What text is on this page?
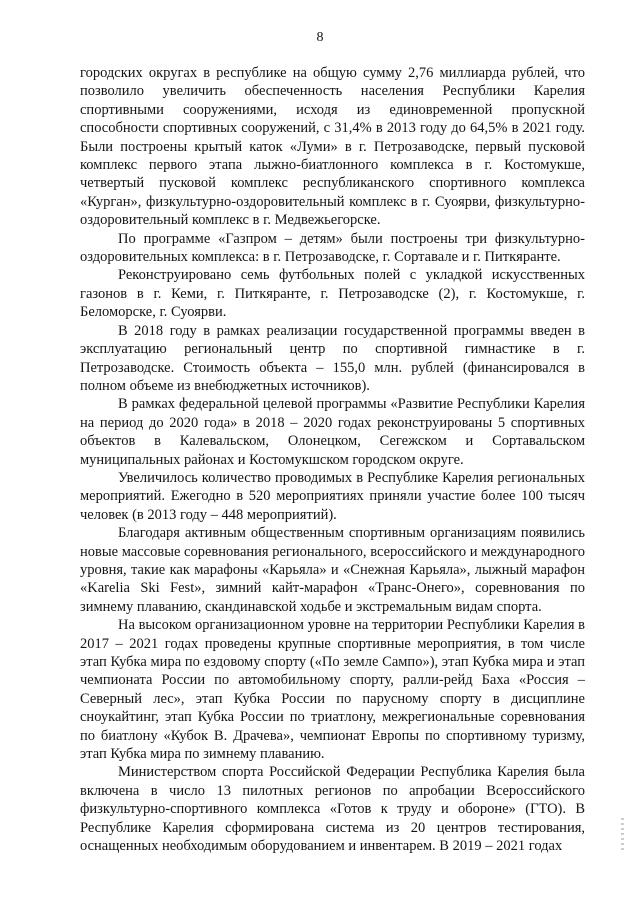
8

городских округах в республике на общую сумму 2,76 миллиарда рублей, что позволило увеличить обеспеченность населения Республики Карелия спортивными сооружениями, исходя из единовременной пропускной способности спортивных сооружений, с 31,4% в 2013 году до 64,5% в 2021 году. Были построены крытый каток «Луми» в г. Петрозаводске, первый пусковой комплекс первого этапа лыжно-биатлонного комплекса в г. Костомукше, четвертый пусковой комплекс республиканского спортивного комплекса «Курган», физкультурно-оздоровительный комплекс в г. Суоярви, физкультурно-оздоровительный комплекс в г. Медвежьегорске.

По программе «Газпром – детям» были построены три физкультурно-оздоровительных комплекса: в г. Петрозаводске, г. Сортавале и г. Питкяранте.

Реконструировано семь футбольных полей с укладкой искусственных газонов в г. Кеми, г. Питкяранте, г. Петрозаводске (2), г. Костомукше, г. Беломорске, г. Суоярви.

В 2018 году в рамках реализации государственной программы введен в эксплуатацию региональный центр по спортивной гимнастике в г. Петрозаводске. Стоимость объекта – 155,0 млн. рублей (финансировался в полном объеме из внебюджетных источников).

В рамках федеральной целевой программы «Развитие Республики Карелия на период до 2020 года» в 2018 – 2020 годах реконструированы 5 спортивных объектов в Калевальском, Олонецком, Сегежском и Сортавальском муниципальных районах и Костомукшском городском округе.

Увеличилось количество проводимых в Республике Карелия региональных мероприятий. Ежегодно в 520 мероприятиях приняли участие более 100 тысяч человек (в 2013 году – 448 мероприятий).

Благодаря активным общественным спортивным организациям появились новые массовые соревнования регионального, всероссийского и международного уровня, такие как марафоны «Карьяла» и «Снежная Карьяла», лыжный марафон «Karelia Ski Fest», зимний кайт-марафон «Транс-Онего», соревнования по зимнему плаванию, скандинавской ходьбе и экстремальным видам спорта.

На высоком организационном уровне на территории Республики Карелия в 2017 – 2021 годах проведены крупные спортивные мероприятия, в том числе этап Кубка мира по ездовому спорту («По земле Сампо»), этап Кубка мира и этап чемпионата России по автомобильному спорту, ралли-рейд Баха «Россия – Северный лес», этап Кубка России по парусному спорту в дисциплине сноукайтинг, этап Кубка России по триатлону, межрегиональные соревнования по биатлону «Кубок В. Драчева», чемпионат Европы по спортивному туризму, этап Кубка мира по зимнему плаванию.

Министерством спорта Российской Федерации Республика Карелия была включена в число 13 пилотных регионов по апробации Всероссийского физкультурно-спортивного комплекса «Готов к труду и обороне» (ГТО). В Республике Карелия сформирована система из 20 центров тестирования, оснащенных необходимым оборудованием и инвентарем. В 2019 – 2021 годах
